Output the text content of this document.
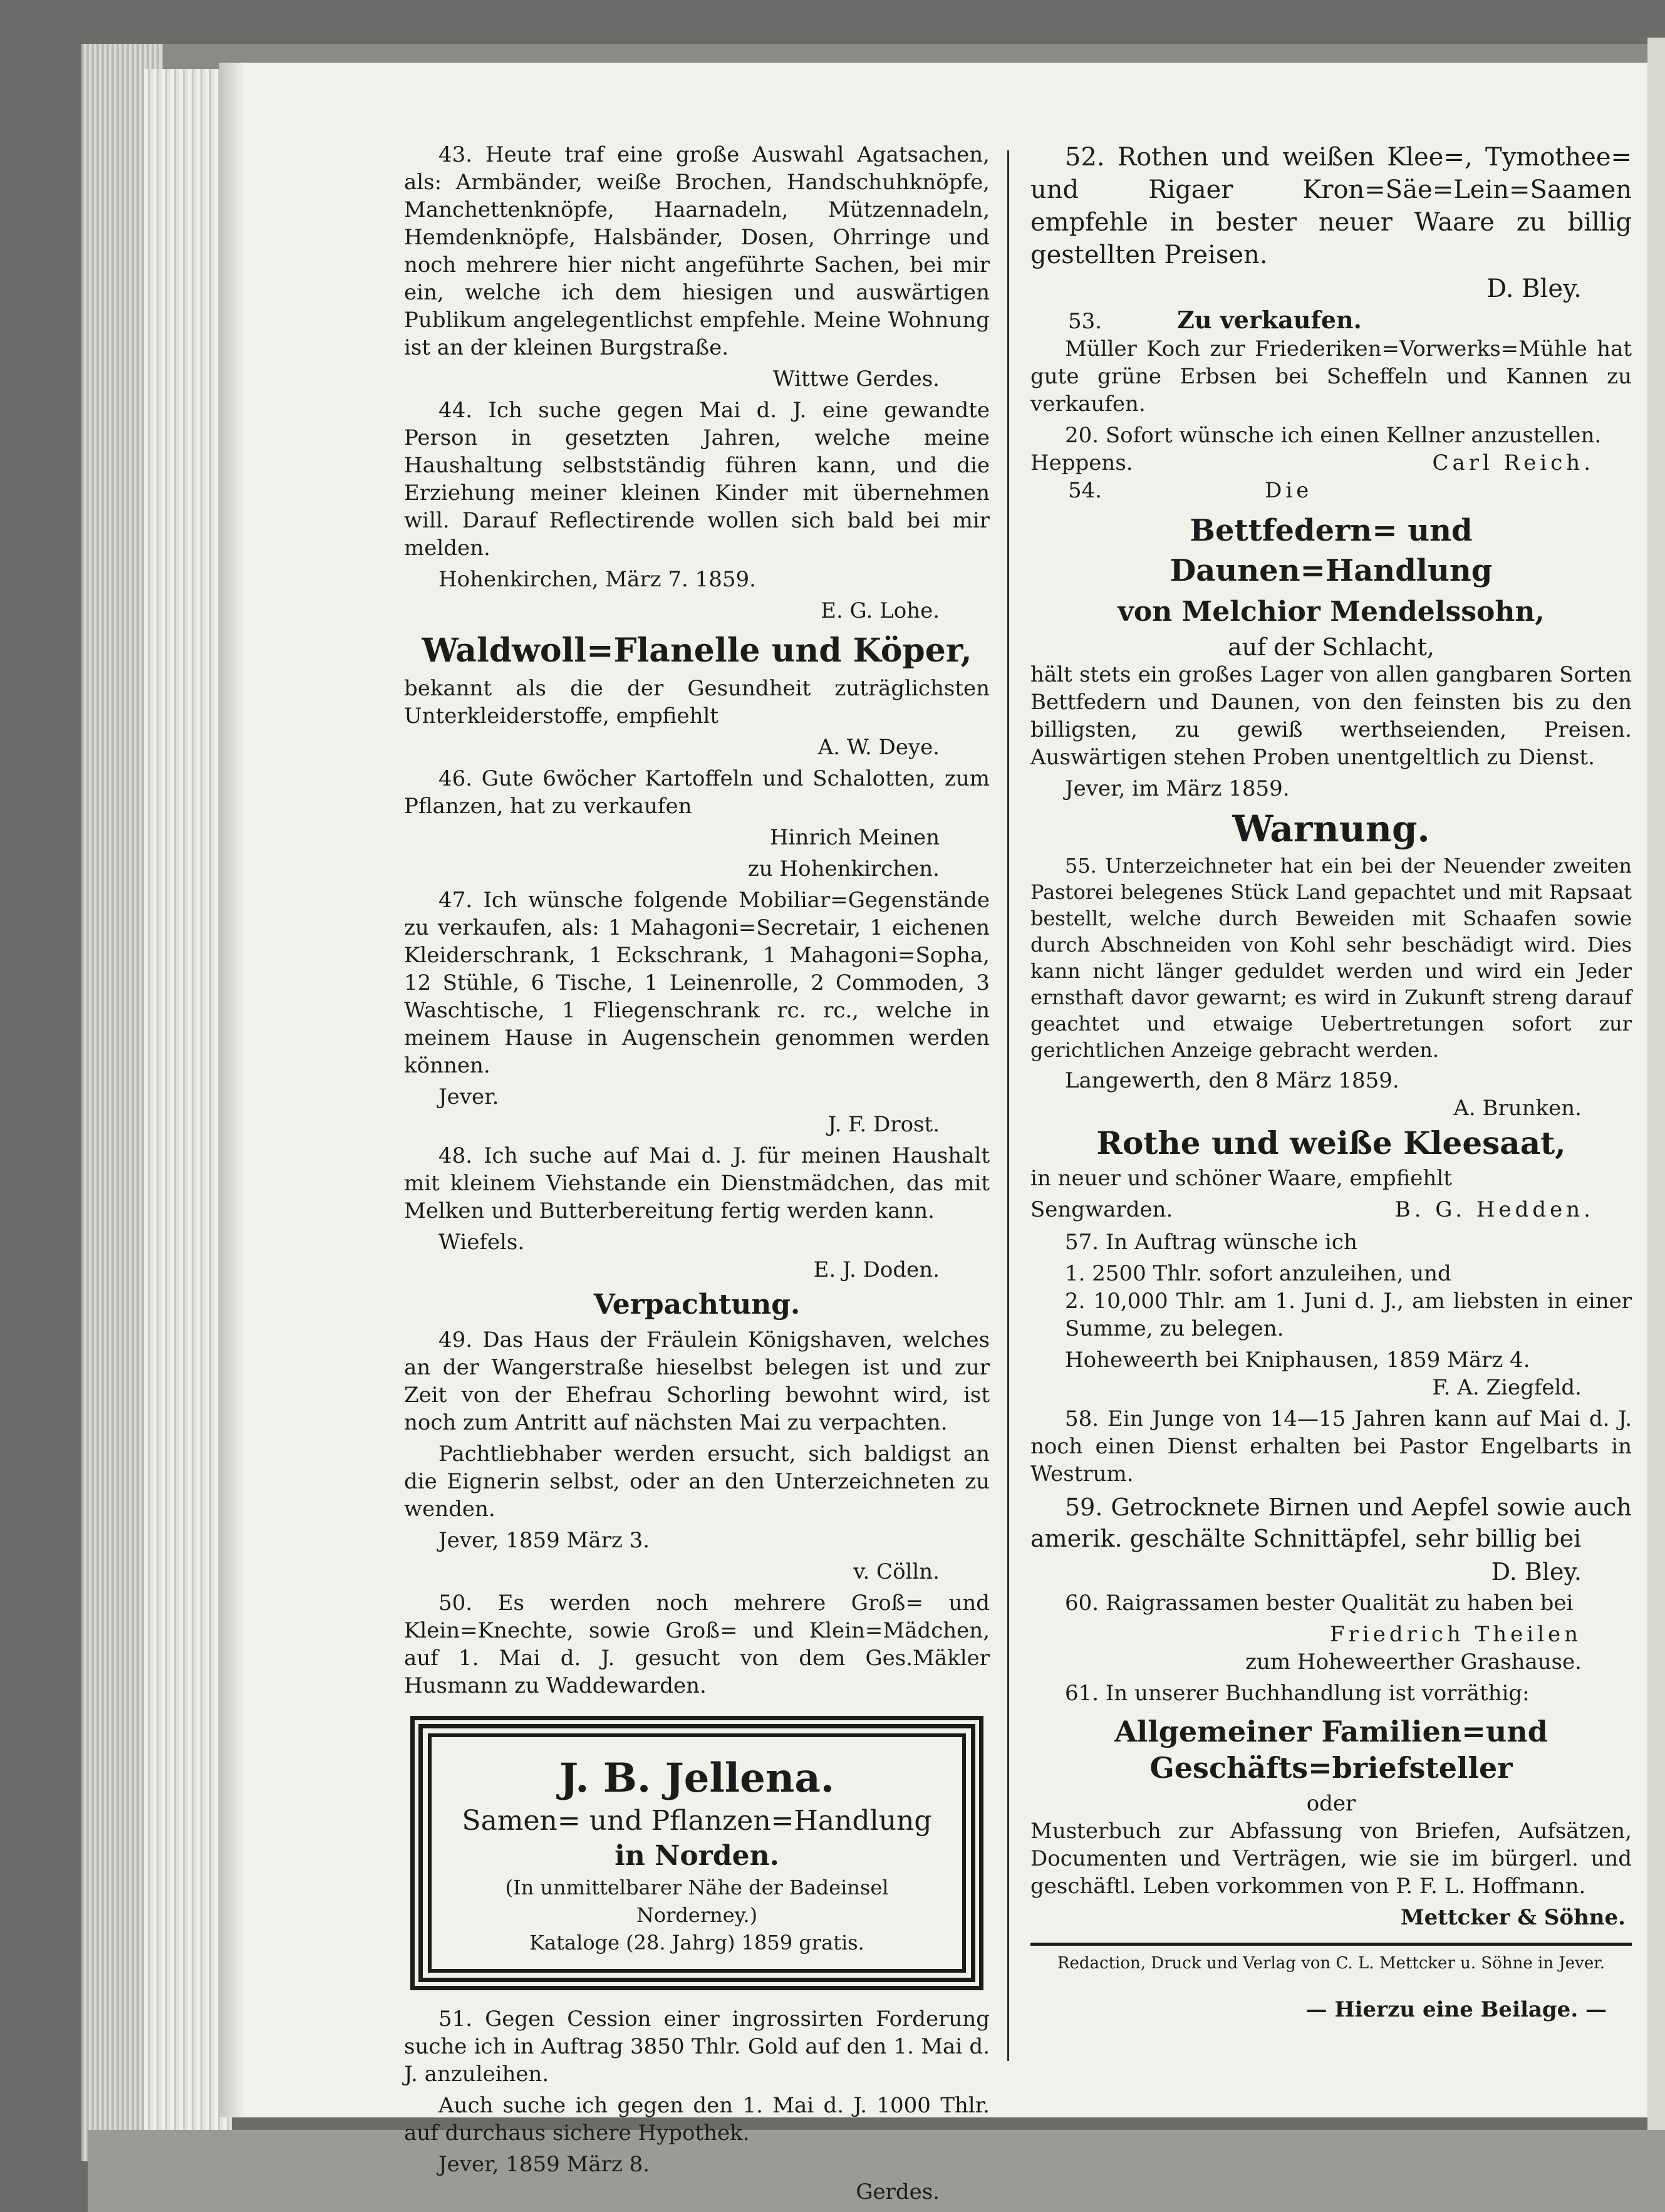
43. Heute traf eine große Auswahl Agatsachen, als: Armbänder, weiße Brochen, Handschuhknöpfe, Manchettenknöpfe, Haarnadeln, Mützennadeln, Hemdenknöpfe, Halsbänder, Dosen, Ohrringe und noch mehrere hier nicht angeführte Sachen, bei mir ein, welche ich dem hiesigen und auswärtigen Publikum angelegentlichst empfehle. Meine Wohnung ist an der kleinen Burgstraße.

Wittwe Gerdes.

44. Ich suche gegen Mai d. J. eine gewandte Person in gesetzten Jahren, welche meine Haushaltung selbstständig führen kann, und die Erziehung meiner kleinen Kinder mit übernehmen will. Darauf Reflectirende wollen sich bald bei mir melden.

Hohenkirchen, März 7. 1859.

E. G. Lohe.

Waldwoll=Flanelle und Köper,

bekannt als die der Gesundheit zuträglichsten Unterkleiderstoffe, empfiehlt

A. W. Deye.

46. Gute 6wöcher Kartoffeln und Schalotten, zum Pflanzen, hat zu verkaufen

Hinrich Meinen

zu Hohenkirchen.

47. Ich wünsche folgende Mobiliar=Gegenstände zu verkaufen, als: 1 Mahagoni=Secretair, 1 eichenen Kleiderschrank, 1 Eckschrank, 1 Mahagoni=Sopha, 12 Stühle, 6 Tische, 1 Leinenrolle, 2 Commoden, 3 Waschtische, 1 Fliegenschrank rc. rc., welche in meinem Hause in Augenschein genommen werden können.

Jever.

J. F. Drost.

48. Ich suche auf Mai d. J. für meinen Haushalt mit kleinem Viehstande ein Dienstmädchen, das mit Melken und Butterbereitung fertig werden kann.

Wiefels.

E. J. Doden.

Verpachtung.

49. Das Haus der Fräulein Königshaven, welches an der Wangerstraße hieselbst belegen ist und zur Zeit von der Ehefrau Schorling bewohnt wird, ist noch zum Antritt auf nächsten Mai zu verpachten.

Pachtliebhaber werden ersucht, sich baldigst an die Eignerin selbst, oder an den Unterzeichneten zu wenden.

Jever, 1859 März 3.

v. Cölln.

50. Es werden noch mehrere Groß= und Klein=Knechte, sowie Groß= und Klein=Mädchen, auf 1. Mai d. J. gesucht von dem Ges.Mäkler Husmann zu Waddewarden.

J. B. Jellena.
Samen= und Pflanzen=Handlung
in Norden.
(In unmittelbarer Nähe der Badeinsel Norderney.)
Kataloge (28. Jahrg) 1859 gratis.

51. Gegen Cession einer ingrossirten Forderung suche ich in Auftrag 3850 Thlr. Gold auf den 1. Mai d. J. anzuleihen.

Auch suche ich gegen den 1. Mai d. J. 1000 Thlr. auf durchaus sichere Hypothek.

Jever, 1859 März 8.

Gerdes.

52. Rothen und weißen Klee=, Tymothee= und Rigaer Kron=Säe=Lein=Saamen empfehle in bester neuer Waare zu billig gestellten Preisen.

D. Bley.

53.	Zu verkaufen.

Müller Koch zur Friederiken=Vorwerks=Mühle hat gute grüne Erbsen bei Scheffeln und Kannen zu verkaufen.

20. Sofort wünsche ich einen Kellner anzustellen.

Heppens.	Carl Reich.
54.	Die
Bettfedern= und Daunen=Handlung
von Melchior Mendelssohn,
auf der Schlacht,

hält stets ein großes Lager von allen gangbaren Sorten Bettfedern und Daunen, von den feinsten bis zu den billigsten, zu gewiß werthseienden, Preisen. Auswärtigen stehen Proben unentgeltlich zu Dienst.

Jever, im März 1859.

Warnung.

55. Unterzeichneter hat ein bei der Neuender zweiten Pastorei belegenes Stück Land gepachtet und mit Rapsaat bestellt, welche durch Beweiden mit Schaafen sowie durch Abschneiden von Kohl sehr beschädigt wird. Dies kann nicht länger geduldet werden und wird ein Jeder ernsthaft davor gewarnt; es wird in Zukunft streng darauf geachtet und etwaige Uebertretungen sofort zur gerichtlichen Anzeige gebracht werden.

Langewerth, den 8 März 1859.

A. Brunken.

Rothe und weiße Kleesaat,

in neuer und schöner Waare, empfiehlt

Sengwarden.	B. G. Hedden.

57. In Auftrag wünsche ich

1. 2500 Thlr. sofort anzuleihen, und

2. 10,000 Thlr. am 1. Juni d. J., am liebsten in einer Summe, zu belegen.

Hoheweerth bei Kniphausen, 1859 März 4.

F. A. Ziegfeld.

58. Ein Junge von 14—15 Jahren kann auf Mai d. J. noch einen Dienst erhalten bei Pastor Engelbarts in Westrum.

59. Getrocknete Birnen und Aepfel sowie auch amerik. geschälte Schnittäpfel, sehr billig bei

D. Bley.

60. Raigrassamen bester Qualität zu haben bei

Friedrich Theilen

zum Hoheweerther Grashause.

61. In unserer Buchhandlung ist vorräthig:

Allgemeiner Familien=und Geschäfts=briefsteller
oder

Musterbuch zur Abfassung von Briefen, Aufsätzen, Documenten und Verträgen, wie sie im bürgerl. und geschäftl. Leben vorkommen von P. F. L. Hoffmann.

Mettcker & Söhne.

Redaction, Druck und Verlag von C. L. Mettcker u. Söhne in Jever.
— Hierzu eine Beilage. —
